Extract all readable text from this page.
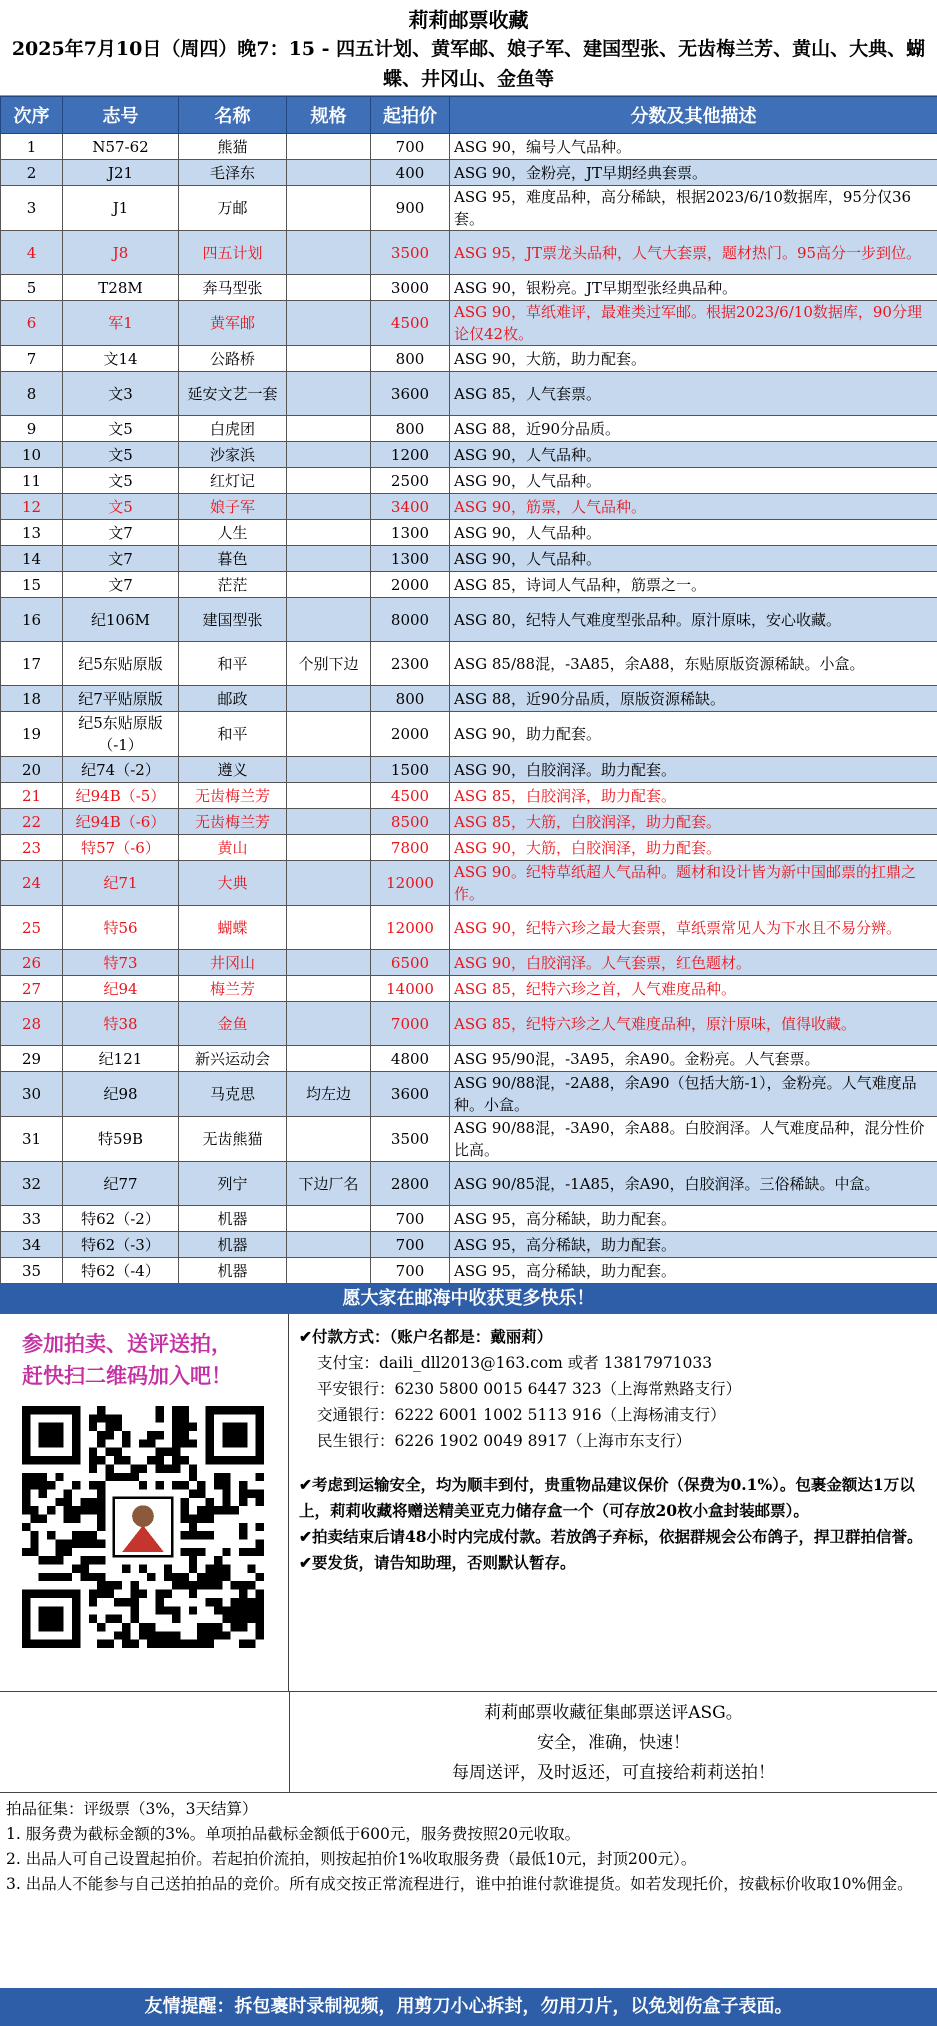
莉莉邮票收藏
2025年7月10日（周四）晚7：15 - 四五计划、黄军邮、娘子军、建国型张、无齿梅兰芳、黄山、大典、蝴蝶、井冈山、金鱼等
次序	志号	名称	规格	起拍价	分数及其他描述
1	N57-62	熊猫		700	ASG 90，编号人气品种。
2	J21	毛泽东		400	ASG 90，金粉亮，JT早期经典套票。
3	J1	万邮		900	ASG 95，难度品种，高分稀缺，根据2023/6/10数据库，95分仅36套。
4	J8	四五计划		3500	ASG 95，JT票龙头品种，人气大套票，题材热门。95高分一步到位。
5	T28M	奔马型张		3000	ASG 90，银粉亮。JT早期型张经典品种。
6	军1	黄军邮		4500	ASG 90，草纸难评，最难类过军邮。根据2023/6/10数据库，90分理论仅42枚。
7	文14	公路桥		800	ASG 90，大筋，助力配套。
8	文3	延安文艺一套		3600	ASG 85，人气套票。
9	文5	白虎团		800	ASG 88，近90分品质。
10	文5	沙家浜		1200	ASG 90，人气品种。
11	文5	红灯记		2500	ASG 90，人气品种。
12	文5	娘子军		3400	ASG 90，筋票，人气品种。
13	文7	人生		1300	ASG 90，人气品种。
14	文7	暮色		1300	ASG 90，人气品种。
15	文7	茫茫		2000	ASG 85，诗词人气品种，筋票之一。
16	纪106M	建国型张		8000	ASG 80，纪特人气难度型张品种。原汁原味，安心收藏。
17	纪5东贴原版	和平	个别下边	2300	ASG 85/88混，-3A85，余A88，东贴原版资源稀缺。小盒。
18	纪7平贴原版	邮政		800	ASG 88，近90分品质，原版资源稀缺。
19	纪5东贴原版（-1）	和平		2000	ASG 90，助力配套。
20	纪74（-2）	遵义		1500	ASG 90，白胶润泽。助力配套。
21	纪94B（-5）	无齿梅兰芳		4500	ASG 85，白胶润泽，助力配套。
22	纪94B（-6）	无齿梅兰芳		8500	ASG 85，大筋，白胶润泽，助力配套。
23	特57（-6）	黄山		7800	ASG 90，大筋，白胶润泽，助力配套。
24	纪71	大典		12000	ASG 90。纪特草纸超人气品种。题材和设计皆为新中国邮票的扛鼎之作。
25	特56	蝴蝶		12000	ASG 90，纪特六珍之最大套票，草纸票常见人为下水且不易分辨。
26	特73	井冈山		6500	ASG 90，白胶润泽。人气套票，红色题材。
27	纪94	梅兰芳		14000	ASG 85，纪特六珍之首，人气难度品种。
28	特38	金鱼		7000	ASG 85，纪特六珍之人气难度品种，原汁原味，值得收藏。
29	纪121	新兴运动会		4800	ASG 95/90混，-3A95，余A90。金粉亮。人气套票。
30	纪98	马克思	均左边	3600	ASG 90/88混，-2A88，余A90（包括大筋-1），金粉亮。人气难度品种。小盒。
31	特59B	无齿熊猫		3500	ASG 90/88混，-3A90，余A88。白胶润泽。人气难度品种，混分性价比高。
32	纪77	列宁	下边厂名	2800	ASG 90/85混，-1A85，余A90，白胶润泽。三俗稀缺。中盒。
33	特62（-2）	机器		700	ASG 95，高分稀缺，助力配套。
34	特62（-3）	机器		700	ASG 95，高分稀缺，助力配套。
35	特62（-4）	机器		700	ASG 95，高分稀缺，助力配套。
愿大家在邮海中收获更多快乐！
参加拍卖、送评送拍，
赶快扫二维码加入吧！
✔付款方式：（账户名都是：戴丽莉）
支付宝：daili_dll2013@163.com 或者 13817971033
平安银行：6230 5800 0015 6447 323（上海常熟路支行）
交通银行：6222 6001 1002 5113 916（上海杨浦支行）
民生银行：6226 1902 0049 8917（上海市东支行）
✔考虑到运输安全，均为顺丰到付，贵重物品建议保价（保费为0.1%）。包裹金额达1万以上，莉莉收藏将赠送精美亚克力储存盒一个（可存放20枚小盒封装邮票）。
✔拍卖结束后请48小时内完成付款。若放鸽子弃标，依据群规会公布鸽子，捍卫群拍信誉。
✔要发货，请告知助理，否则默认暂存。
莉莉邮票收藏征集邮票送评ASG。
安全，准确，快速！
每周送评，及时返还，可直接给莉莉送拍！
拍品征集：评级票（3%，3天结算）
1. 服务费为截标金额的3%。单项拍品截标金额低于600元，服务费按照20元收取。
2. 出品人可自己设置起拍价。若起拍价流拍，则按起拍价1%收取服务费（最低10元，封顶200元）。
3. 出品人不能参与自己送拍拍品的竞价。所有成交按正常流程进行，谁中拍谁付款谁提货。如若发现托价，按截标价收取10%佣金。
友情提醒：拆包裹时录制视频，用剪刀小心拆封，勿用刀片，以免划伤盒子表面。
